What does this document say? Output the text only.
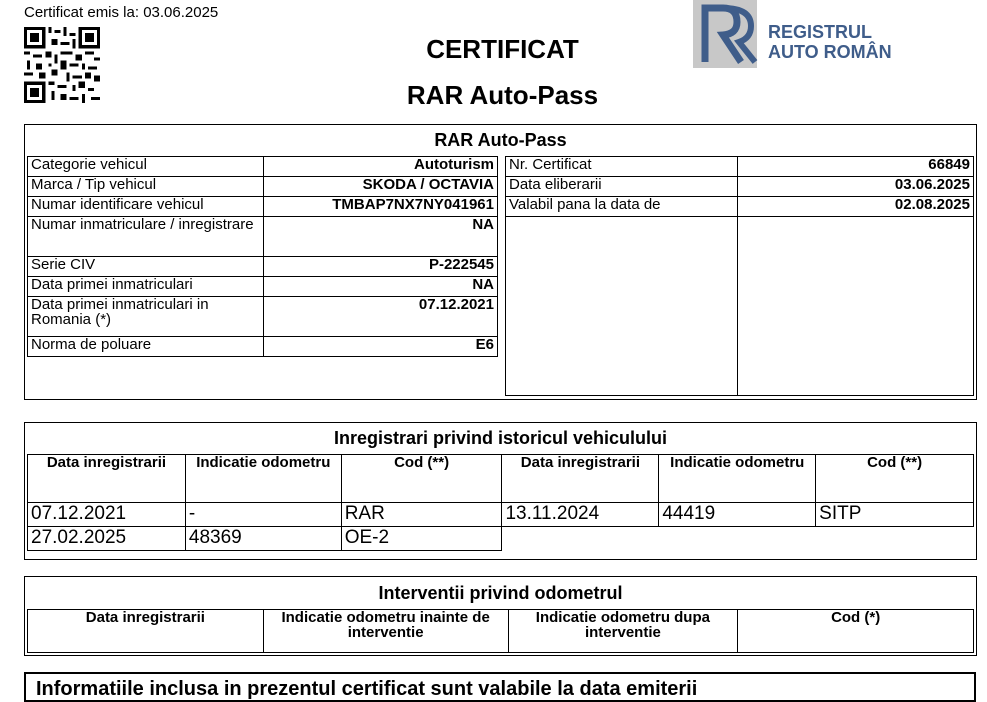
Certificat emis la: 03.06.2025
CERTIFICAT
RAR Auto-Pass
REGISTRUL
AUTO ROMÂN
RAR Auto-Pass
Categorie vehicul	Autoturism
Marca / Tip vehicul	SKODA / OCTAVIA
Numar identificare vehicul	TMBAP7NX7NY041961
Numar inmatriculare / inregistrare	NA
Serie CIV	P-222545
Data primei inmatriculari	NA
Data primei inmatriculari in Romania (*)	07.12.2021
Norma de poluare	E6
Nr. Certificat	66849
Data eliberarii	03.06.2025
Valabil pana la data de	02.08.2025

Inregistrari privind istoricul vehiculului
Data inregistrarii	Indicatie odometru	Cod (**)	Data inregistrarii	Indicatie odometru	Cod (**)
07.12.2021	-	RAR	13.11.2024	44419	SITP
27.02.2025	48369	OE-2			
Interventii privind odometrul
Data inregistrarii	Indicatie odometru inainte de interventie	Indicatie odometru dupa interventie	Cod (*)
Informatiile inclusa in prezentul certificat sunt valabile la data emiterii
